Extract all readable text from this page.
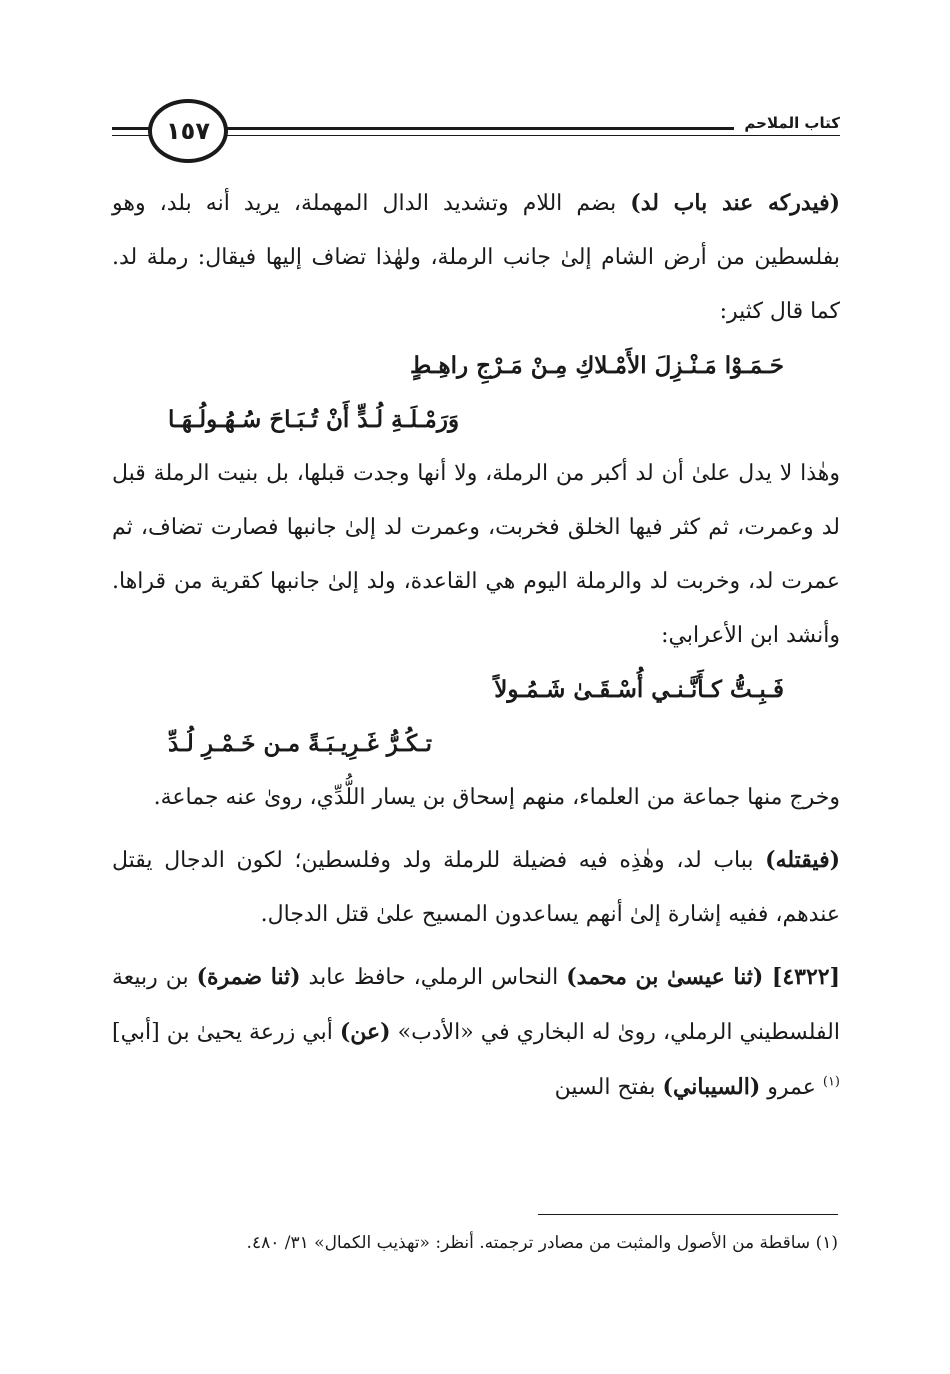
كتاب الملاحم
١٥٧

(فيدركه عند باب لد) بضم اللام وتشديد الدال المهملة، يريد أنه بلد، وهو بفلسطين من أرض الشام إلىٰ جانب الرملة، ولهٰذا تضاف إليها فيقال: رملة لد. كما قال كثير:

حَـمَـوْا مَـنْـزِلَ الأَمْـلاكِ مِـنْ مَـرْجِ راهِـطٍ

وَرَمْـلَـةِ لُـدٍّ أَنْ تُـبَـاحَ سُـهُـولُـهَـا

وهٰذا لا يدل علىٰ أن لد أكبر من الرملة، ولا أنها وجدت قبلها، بل بنيت الرملة قبل لد وعمرت، ثم كثر فيها الخلق فخربت، وعمرت لد إلىٰ جانبها فصارت تضاف، ثم عمرت لد، وخربت لد والرملة اليوم هي القاعدة، ولد إلىٰ جانبها كقرية من قراها. وأنشد ابن الأعرابي:

فَـبِـتُّ كـأَنَّـنـي أُسْـقَـىٰ شَـمُـولاً

تـكُـرُّ غَـرِيـبَـةً مـن خَـمْـرِ لُـدِّ

وخرج منها جماعة من العلماء، منهم إسحاق بن يسار اللُّدِّي، روىٰ عنه جماعة.

(فيقتله) بباب لد، وهٰذِه فيه فضيلة للرملة ولد وفلسطين؛ لكون الدجال يقتل عندهم، ففيه إشارة إلىٰ أنهم يساعدون المسيح علىٰ قتل الدجال.

[٤٣٢٢] (ثنا عيسىٰ بن محمد) النحاس الرملي، حافظ عابد (ثنا ضمرة) بن ربيعة الفلسطيني الرملي، روىٰ له البخاري في «الأدب» (عن) أبي زرعة يحيىٰ بن [أبي]$^{(١)}$ عمرو (السيباني) بفتح السين

(١) ساقطة من الأصول والمثبت من مصادر ترجمته. أنظر: «تهذيب الكمال» ٣١/ ٤٨٠.
